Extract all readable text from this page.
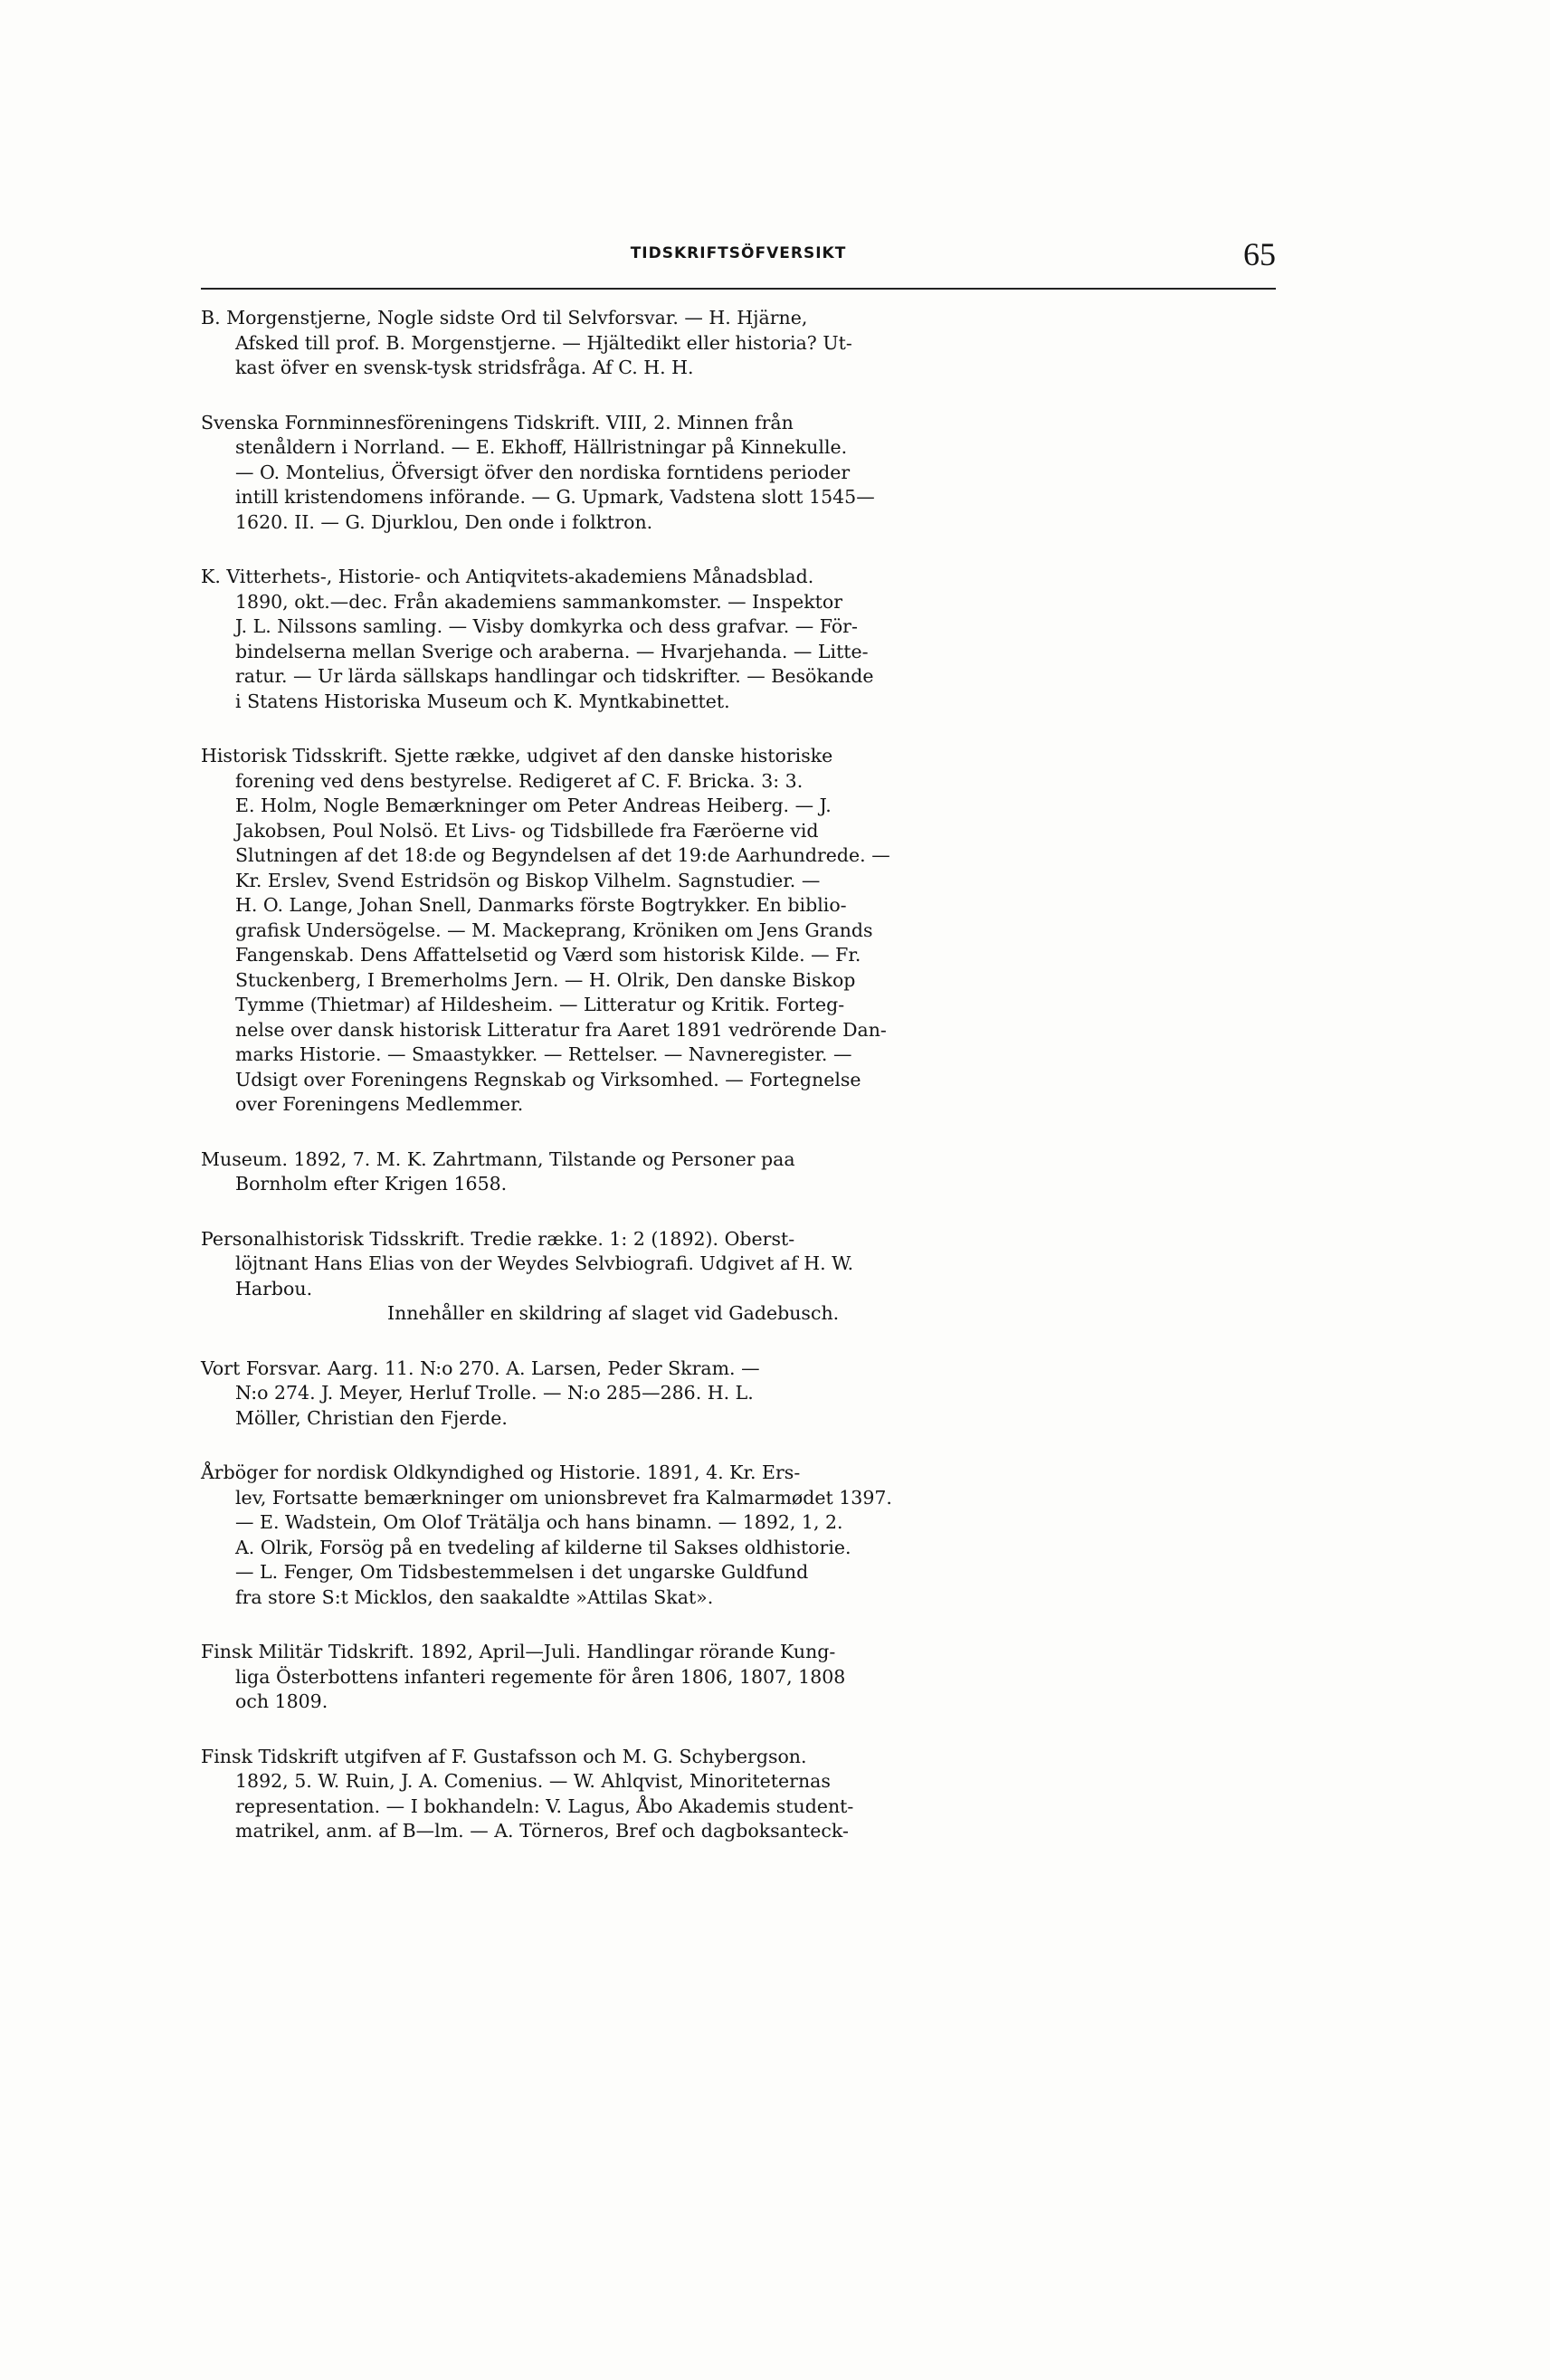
TIDSKRIFTSÖFVERSIKT	65
B. Morgenstjerne, Nogle sidste Ord til Selvforsvar. — H. Hjärne,
Afsked till prof. B. Morgenstjerne. — Hjältedikt eller historia? Ut-
kast öfver en svensk-tysk stridsfråga. Af C. H. H.
Svenska Fornminnesföreningens Tidskrift. VIII, 2. Minnen från
stenåldern i Norrland. — E. Ekhoff, Hällristningar på Kinnekulle.
— O. Montelius, Öfversigt öfver den nordiska forntidens perioder
intill kristendomens införande. — G. Upmark, Vadstena slott 1545—
1620. II. — G. Djurklou, Den onde i folktron.
K. Vitterhets-, Historie- och Antiqvitets-akademiens Månadsblad.
1890, okt.—dec. Från akademiens sammankomster. — Inspektor
J. L. Nilssons samling. — Visby domkyrka och dess grafvar. — För-
bindelserna mellan Sverige och araberna. — Hvarjehanda. — Litte-
ratur. — Ur lärda sällskaps handlingar och tidskrifter. — Besökande
i Statens Historiska Museum och K. Myntkabinettet.
Historisk Tidsskrift. Sjette række, udgivet af den danske historiske
forening ved dens bestyrelse. Redigeret af C. F. Bricka. 3: 3.
E. Holm, Nogle Bemærkninger om Peter Andreas Heiberg. — J.
Jakobsen, Poul Nolsö. Et Livs- og Tidsbillede fra Færöerne vid
Slutningen af det 18:de og Begyndelsen af det 19:de Aarhundrede. —
Kr. Erslev, Svend Estridsön og Biskop Vilhelm. Sagnstudier. —
H. O. Lange, Johan Snell, Danmarks förste Bogtrykker. En biblio-
grafisk Undersögelse. — M. Mackeprang, Kröniken om Jens Grands
Fangenskab. Dens Affattelsetid og Værd som historisk Kilde. — Fr.
Stuckenberg, I Bremerholms Jern. — H. Olrik, Den danske Biskop
Tymme (Thietmar) af Hildesheim. — Litteratur og Kritik. Forteg-
nelse over dansk historisk Litteratur fra Aaret 1891 vedrörende Dan-
marks Historie. — Smaastykker. — Rettelser. — Navneregister. —
Udsigt over Foreningens Regnskab og Virksomhed. — Fortegnelse
over Foreningens Medlemmer.
Museum. 1892, 7. M. K. Zahrtmann, Tilstande og Personer paa
Bornholm efter Krigen 1658.
Personalhistorisk Tidsskrift. Tredie række. 1: 2 (1892). Oberst-
löjtnant Hans Elias von der Weydes Selvbiografi. Udgivet af H. W.
Harbou.
Innehåller en skildring af slaget vid Gadebusch.
Vort Forsvar. Aarg. 11. N:o 270. A. Larsen, Peder Skram. —
N:o 274. J. Meyer, Herluf Trolle. — N:o 285—286. H. L.
Möller, Christian den Fjerde.
Årböger for nordisk Oldkyndighed og Historie. 1891, 4. Kr. Ers-
lev, Fortsatte bemærkninger om unionsbrevet fra Kalmarmødet 1397.
— E. Wadstein, Om Olof Trätälja och hans binamn. — 1892, 1, 2.
A. Olrik, Forsög på en tvedeling af kilderne til Sakses oldhistorie.
— L. Fenger, Om Tidsbestemmelsen i det ungarske Guldfund
fra store S:t Micklos, den saakaldte »Attilas Skat».
Finsk Militär Tidskrift. 1892, April—Juli. Handlingar rörande Kung-
liga Österbottens infanteri regemente för åren 1806, 1807, 1808
och 1809.
Finsk Tidskrift utgifven af F. Gustafsson och M. G. Schybergson.
1892, 5. W. Ruin, J. A. Comenius. — W. Ahlqvist, Minoriteternas
representation. — I bokhandeln: V. Lagus, Åbo Akademis student-
matrikel, anm. af B—lm. — A. Törneros, Bref och dagboksanteck-
